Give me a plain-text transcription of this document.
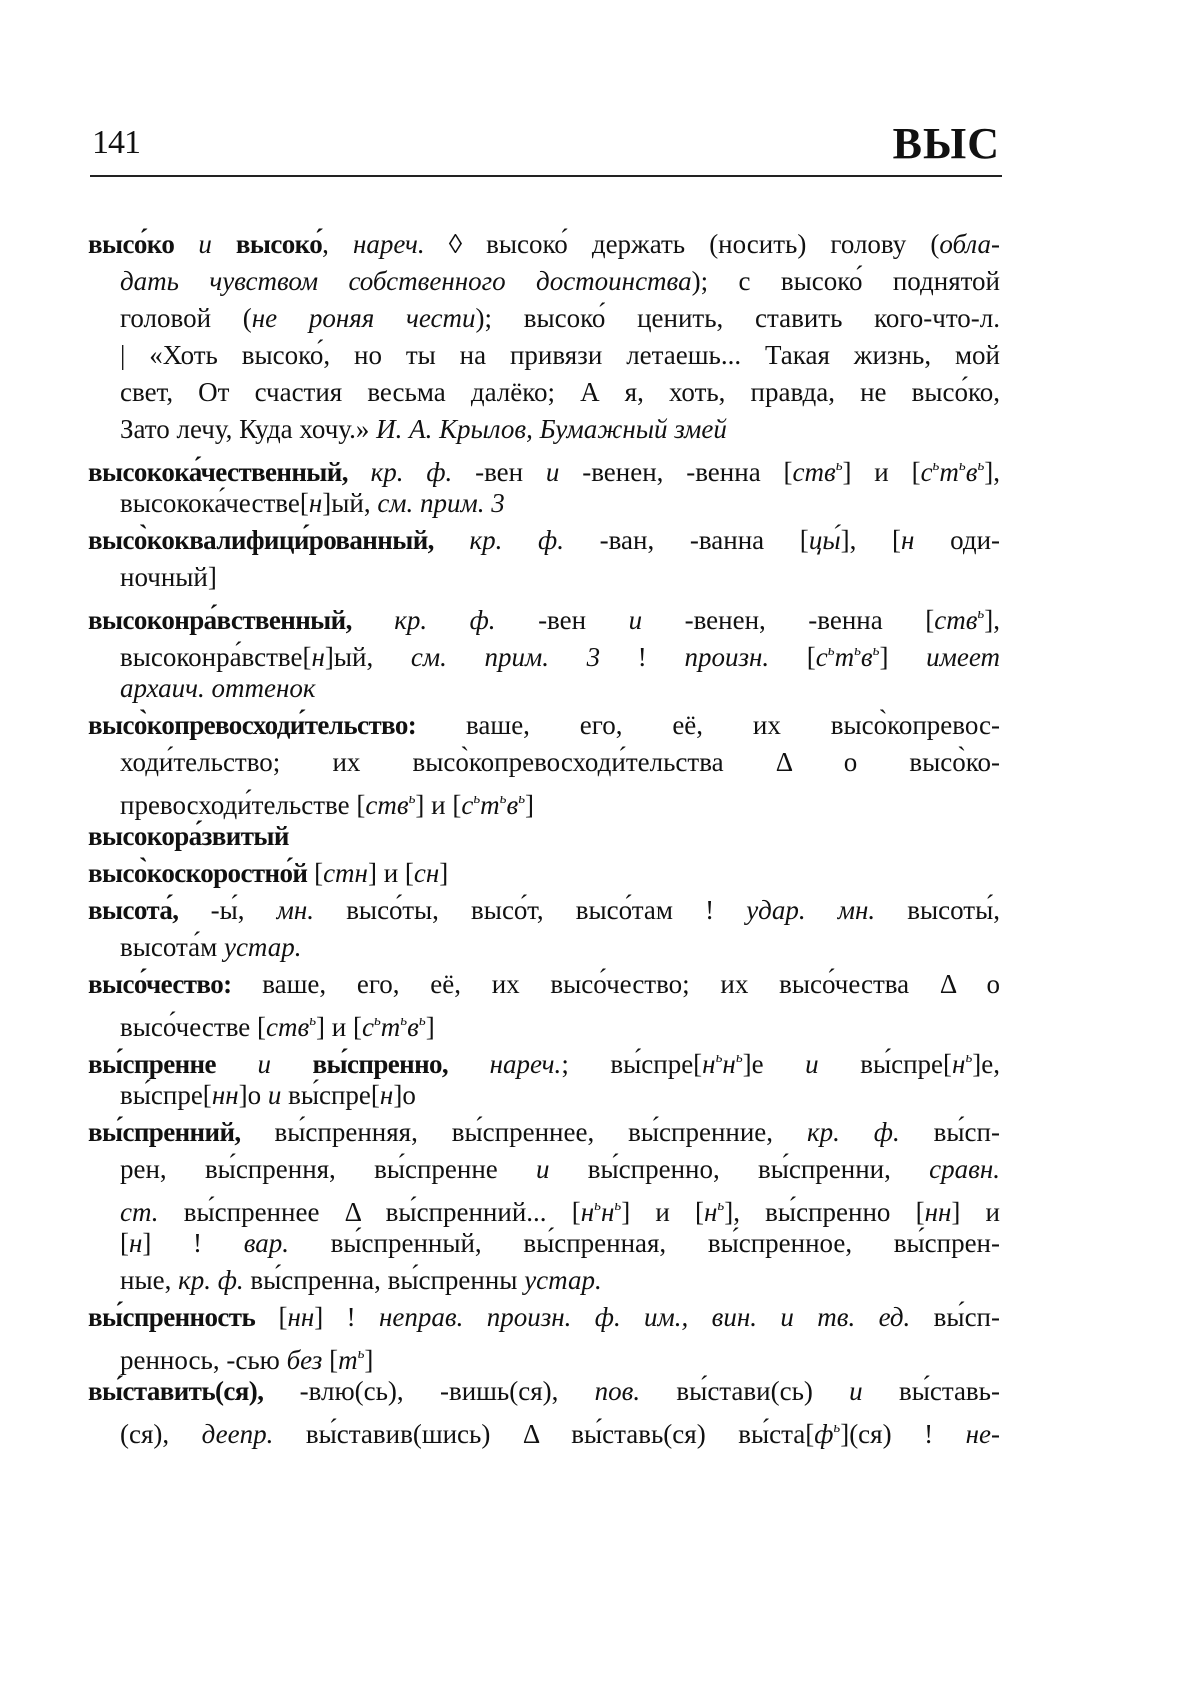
141	ВЫС
высо́ко и высоко́, нареч. ◊ высоко́ держать (носить) голову (обла-
дать чувством собственного достоинства); с высоко́ поднятой
головой (не роняя чести); высоко́ ценить, ставить кого-что-л.
| «Хоть высоко́, но ты на привязи летаешь... Такая жизнь, мой
свет, От счастия весьма далёко; А я, хоть, правда, не высо́ко,
Зато лечу, Куда хочу.» И. А. Крылов, Бумажный змей
высокока́чественный, кр. ф. -вен и -венен, -венна [ств$^ь$] и $[с^ьт^ьв^ь]$,
высокока́честве[н]ый, см. прим. 3
высо̀коквалифици́рованный, кр. ф. -ван, -ванна [цы́], [н оди-
ночный]
высоконра́вственный, кр. ф. -вен и -венен, -венна [ств$^ь$],
высоконра́встве[н]ый, см. прим. 3 ! произн. $[с^ьт^ьв^ь]$ имеет
архаич. оттенок
высо̀копревосходи́тельство: ваше, его, её, их высо̀копревос-
ходи́тельство; их высо̀копревосходи́тельства Δ о высо̀ко-
превосходи́тельстве [ств$^ь$] и $[с^ьт^ьв^ь]$
высокора́звитый
высо̀коскоростно́й [стн] и [сн]
высота́, -ы́, мн. высо́ты, высо́т, высо́там ! удар. мн. высоты́,
высота́м устар.
высо́чество: ваше, его, её, их высо́чество; их высо́чества Δ о
высо́честве [ств$^ь$] и $[с^ьт^ьв^ь]$
вы́спренне и вы́спренно, нареч.; $вы́спре[н^ьн^ь]е$ и $вы́спре[н^ь]е$,
вы́спре[нн]о и вы́спре[н]о
вы́спренний, вы́спренняя, вы́спреннее, вы́спренние, кр. ф. вы́сп-
рен, вы́спрення, вы́спренне и вы́спренно, вы́спренни, сравн.
ст. вы́спреннее Δ вы́спренний... $[н^ьн^ь]$ и $[н^ь]$, вы́спренно [нн] и
[н] ! вар. вы́спренный, вы́спренная, вы́спренное, вы́спрен-
ные, кр. ф. вы́спренна, вы́спренны устар.
вы́спренность [нн] ! неправ. произн. ф. им., вин. и тв. ед. вы́сп-
реннось, -сью без $[т^ь]$
вы́ставить(ся), -влю(сь), -вишь(ся), пов. вы́стави(сь) и вы́ставь-
(ся), деепр. вы́ставив(шись) Δ вы́ставь(ся) $вы́ста[ф^ь](ся)$ ! не-
